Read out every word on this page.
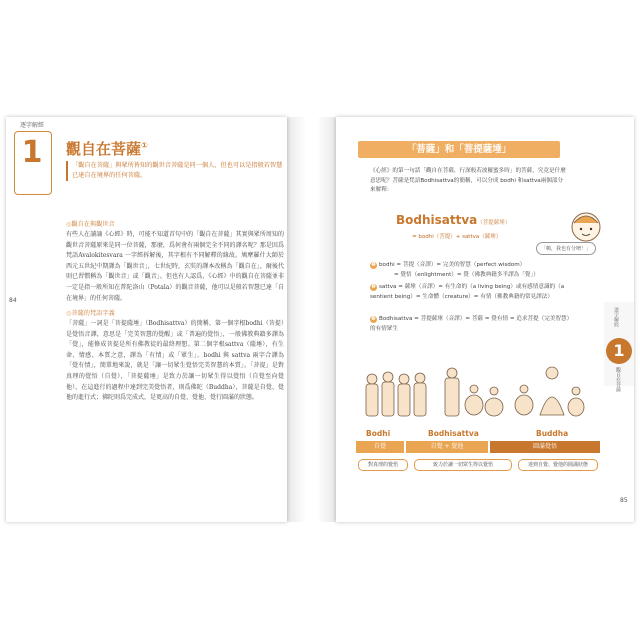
逐字解經
1	觀自在菩薩①
「觀自在菩薩」與眾所皆知的觀世音菩薩是同一個人，但也可以是指般若智慧已達自在境界的任何菩薩。
◎觀自在與觀世音
有些人在讀誦《心經》時，可能不知道首句中的「觀自在菩薩」其實與眾所周知的觀世音菩薩原來是同一位菩薩，那麼，爲何會有兩個完全不同的譯名呢？那是因爲梵語Avalokitesvara 一字經拆解後，其字根有不同解釋的緣故。鳩摩羅什大師於西元五世紀中期譯為「觀世音」，七世紀時，玄奘的譯本改稱為「觀自在」，爾後代則已習慣稱為「觀世音」或「觀音」。但也有人認爲，《心經》中的觀自在菩薩並非一定是指一般所知在普陀洛山（Potala）的觀音菩薩，他可以是般若智慧已達「自在境界」的任何菩薩。
◎菩薩的梵語字義
「菩薩」一詞是「菩提薩埵」（Bodhisattva）的簡稱，第一個字根bodhi（菩提）是覺悟音譯，意思是「完美智慧的覺醒」或「普遍的覺悟」，一般佛教典籍多譯為「覺」，能修成菩提是所有佛教徒的最終理想。第二個字根sattva（薩埵），有生命、情感、本質之意，譯為「有情」或「眾生」。bodhi 與 sattva 兩字合譯為「覺有情」，簡單地來說，就是「讓一切眾生覺悟完美智慧的本質」。「菩提」是對真理的覺悟（自覺），「菩提薩埵」是致力於讓一切眾生得以覺悟（自覺至向覺他），在這進行的過程中達到完美覺悟者，則爲佛陀（Buddha），菩薩是自覺、覺他的進行式；佛陀則爲完成式，是更高的自覺、覺他、覺行圓滿的狀態。
84
「菩薩」和「菩提薩埵」
《心經》的第一句話「觀自在菩薩，行深般若波羅蜜多時」的菩薩，究竟是什麼意思呢？菩薩是梵語Bodhisattva的簡稱，可以分成 bodhi 和sattva兩個部分來解釋：
Bodhisattva（菩提薩埵）
= bodhi（菩提）+ sattva（薩埵）
「嗨，我也有分唷！」
❶ bodhi = 菩提（音譯）= 完美的智慧（perfect wisdom）
= 覺悟（enlightment）= 覺（佛教典籍多半譯為「覺」）
❷ sattva = 薩埵（音譯）= 有生命的（a living being）或有感情意識的（a sentient being）= 生命體（creature）= 有情（佛教典籍的常見譯法）
❸ Bodhisattva = 菩提薩埵（音譯）= 菩薩 = 覺有情 = 追求菩提（完美智慧）的有情眾生
逐字解經
1
觀自在菩薩
Bodhi	Bodhisattva	Buddha
自覺	自覺 + 覺他	圓滿覺悟
對真理的覺悟	致力於讓一切眾生得以覺悟	達到自覺、覺他的圓滿狀態
85
